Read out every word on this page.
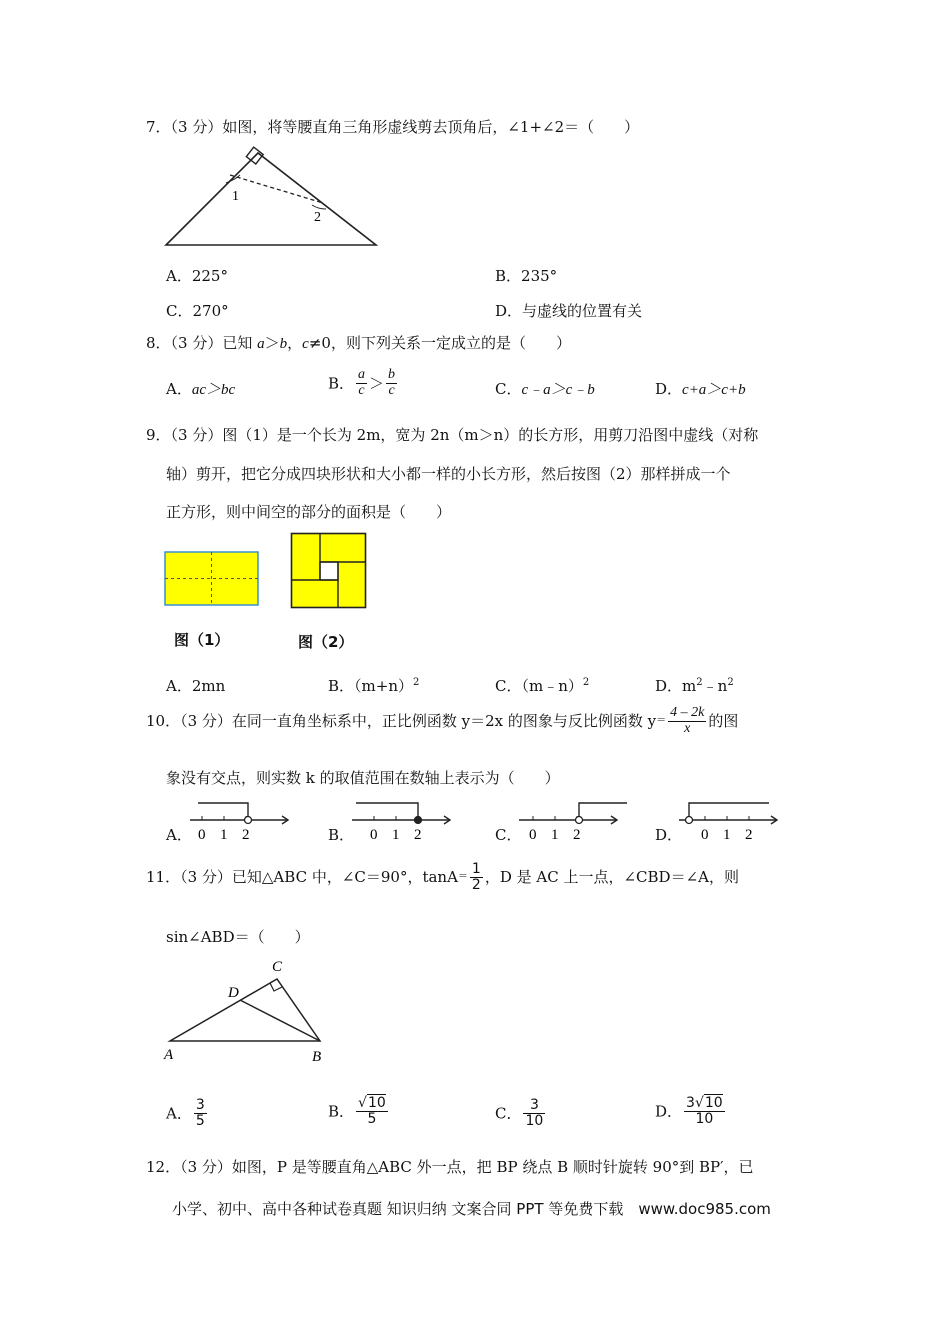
7．（3 分）如图，将等腰直角三角形虚线剪去顶角后，∠1+∠2＝（　　）
1
2
A．225°	B．235°
C．270°	D．与虚线的位置有关
8．（3 分）已知 a＞b，c≠0，则下列关系一定成立的是（　　）
A．ac＞bc	B． $\frac{a}{c} > \frac{b}{c}$	C．c﹣a＞c﹣b	D．c+a＞c+b
9．（3 分）图（1）是一个长为 2m，宽为 2n（m＞n）的长方形，用剪刀沿图中虚线（对称
轴）剪开，把它分成四块形状和大小都一样的小长方形，然后按图（2）那样拼成一个
正方形，则中间空的部分的面积是（　　）
图（1）	图（2）
A．2mn	B．$(m+n)^2$	C．（m﹣n）$^2$	D．$m^2﹣n^2$
10．（3 分）在同一直角坐标系中，正比例函数 y＝2x 的图象与反比例函数 $y= \frac{4 - 2k}{x}$ 的图
象没有交点，则实数 k 的取值范围在数轴上表示为（　　）
A． 0 1 2	B． 0 1 2	C． 0 1 2	D． 0 1 2
11．（3 分）已知△ABC 中，∠C＝90°，$\tan A= \frac{1}{2}$ ，D 是 AC 上一点，∠CBD＝∠A，则
sin∠ABD＝（　　）
C
D
A	B
A． $\frac{3}{5}$	B． $\frac{√10}{5}$	C． $\frac{3}{10}$	D． $\frac{3√10}{10}$
12．（3 分）如图，P 是等腰直角△ABC 外一点，把 BP 绕点 B 顺时针旋转 90°到 BP′，已
小学、初中、高中各种试卷真题 知识归纳 文案合同 PPT 等免费下载　www.doc985.com
